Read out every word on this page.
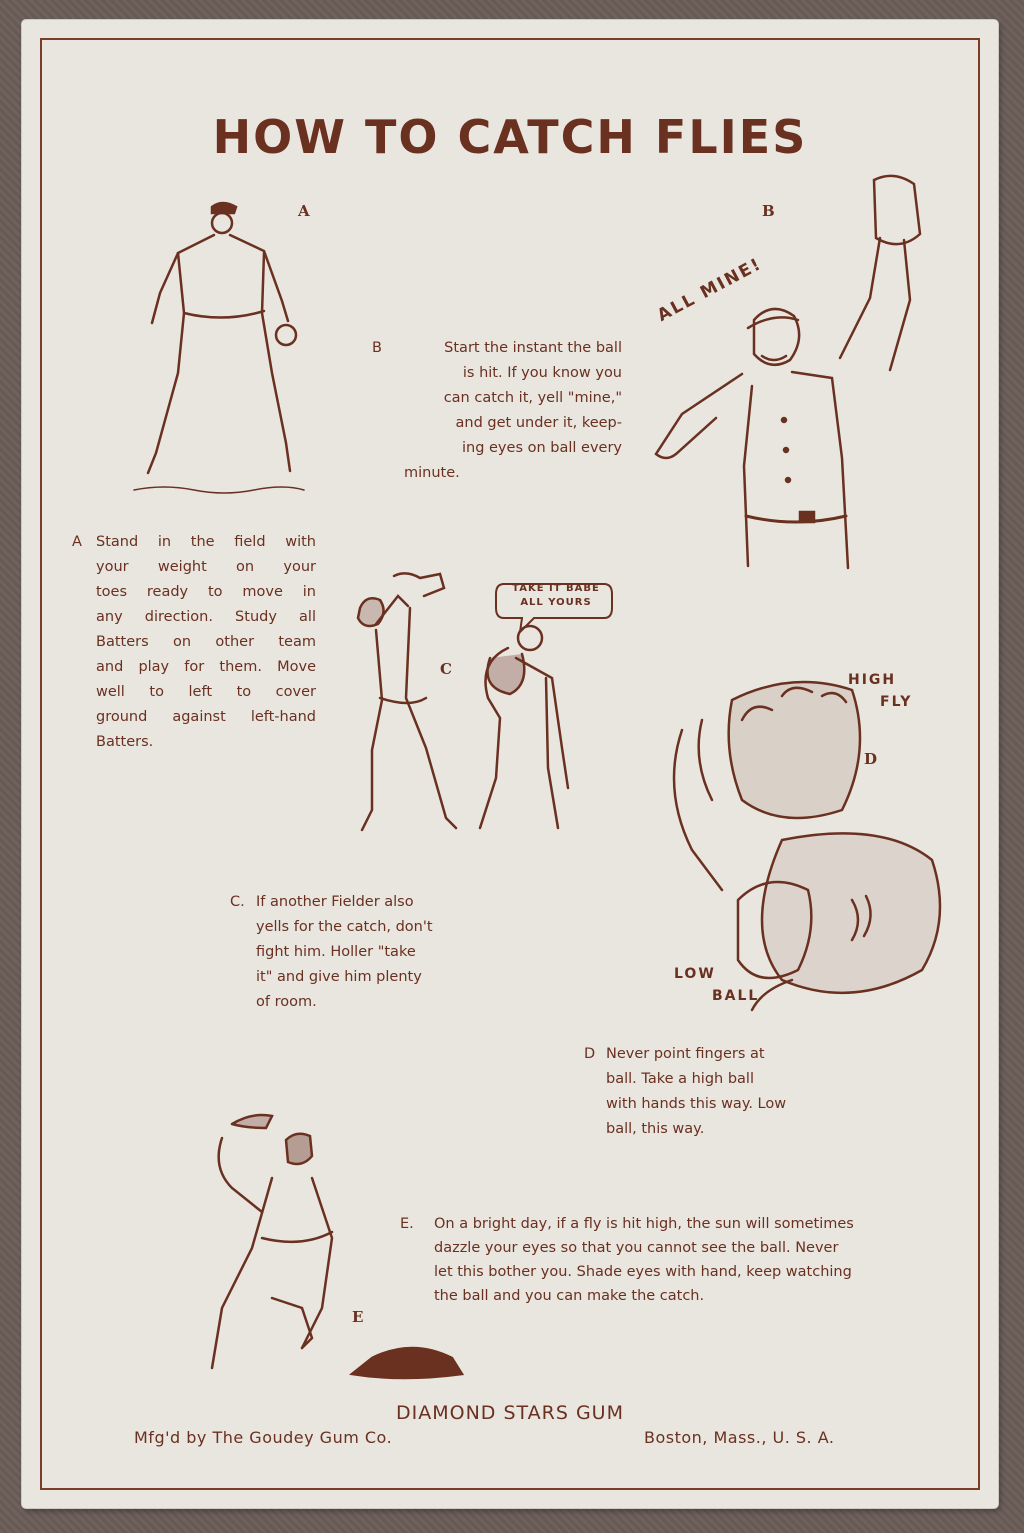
HOW TO CATCH FLIES
A
B	Start the instant the ball
is hit. If you know you
can catch it, yell "mine,"
and get under it, keep-
ing eyes on ball every
minute.
B
ALL MINE!
A Stand in the field with
your weight on your
toes ready to move in
any direction. Study all
Batters on other team
and play for them. Move
well to left to cover
ground against left-hand
Batters.
C
TAKE IT BABE
ALL YOURS
HIGH
FLY
D
LOW
BALL
C. If another Fielder also
yells for the catch, don't
fight him. Holler "take
it" and give him plenty
of room.
D Never point fingers at
ball. Take a high ball
with hands this way. Low
ball, this way.
E
E.	On a bright day, if a fly is hit high, the sun will sometimes
dazzle your eyes so that you cannot see the ball. Never
let this bother you. Shade eyes with hand, keep watching
the ball and you can make the catch.
DIAMOND STARS GUM
Mfg'd by The Goudey Gum Co.	Boston, Mass., U. S. A.
